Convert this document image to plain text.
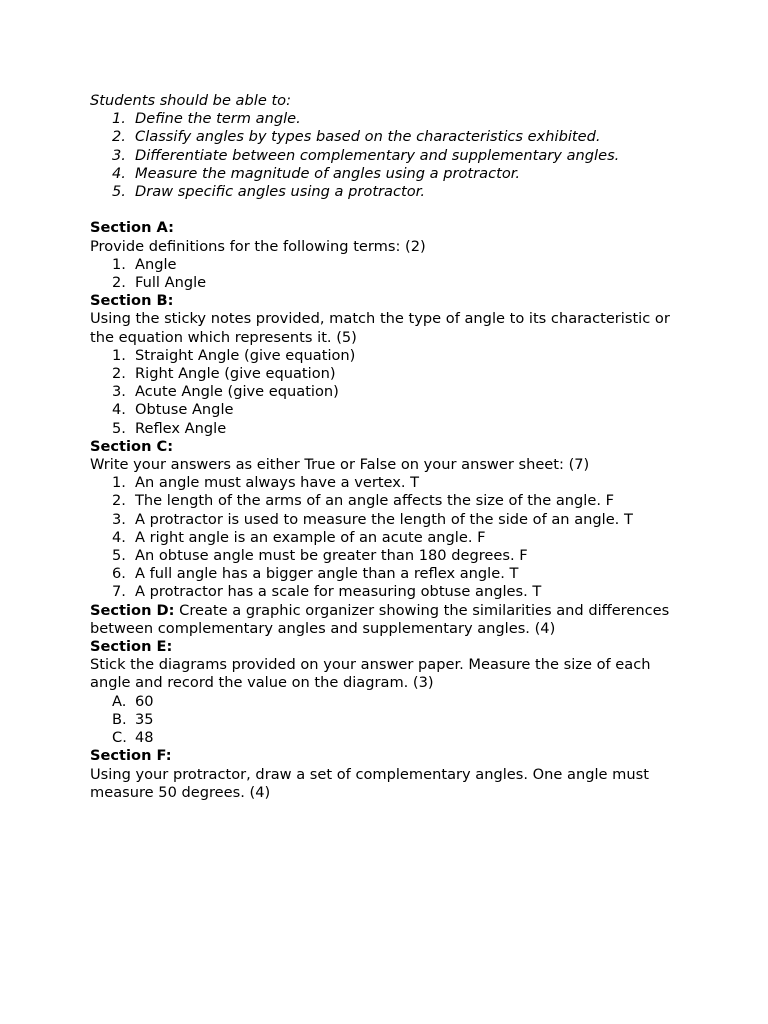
Students should be able to:

1. Define the term angle.
2. Classify angles by types based on the characteristics exhibited.
3. Differentiate between complementary and supplementary angles.
4. Measure the magnitude of angles using a protractor.
5. Draw specific angles using a protractor.

Section A:

Provide definitions for the following terms: (2)

1. Angle
2. Full Angle

Section B:

Using the sticky notes provided, match the type of angle to its characteristic or the equation which represents it. (5)

1. Straight Angle (give equation)
2. Right Angle (give equation)
3. Acute Angle (give equation)
4. Obtuse Angle
5. Reflex Angle

Section C:

Write your answers as either True or False on your answer sheet: (7)

1. An angle must always have a vertex. T
2. The length of the arms of an angle affects the size of the angle. F
3. A protractor is used to measure the length of the side of an angle. T
4. A right angle is an example of an acute angle. F
5. An obtuse angle must be greater than 180 degrees. F
6. A full angle has a bigger angle than a reflex angle. T
7. A protractor has a scale for measuring obtuse angles. T

Section D: Create a graphic organizer showing the similarities and differences between complementary angles and supplementary angles. (4)

Section E:

Stick the diagrams provided on your answer paper. Measure the size of each angle and record the value on the diagram. (3)

A. 60
B. 35
C. 48

Section F:

Using your protractor, draw a set of complementary angles. One angle must measure 50 degrees. (4)
